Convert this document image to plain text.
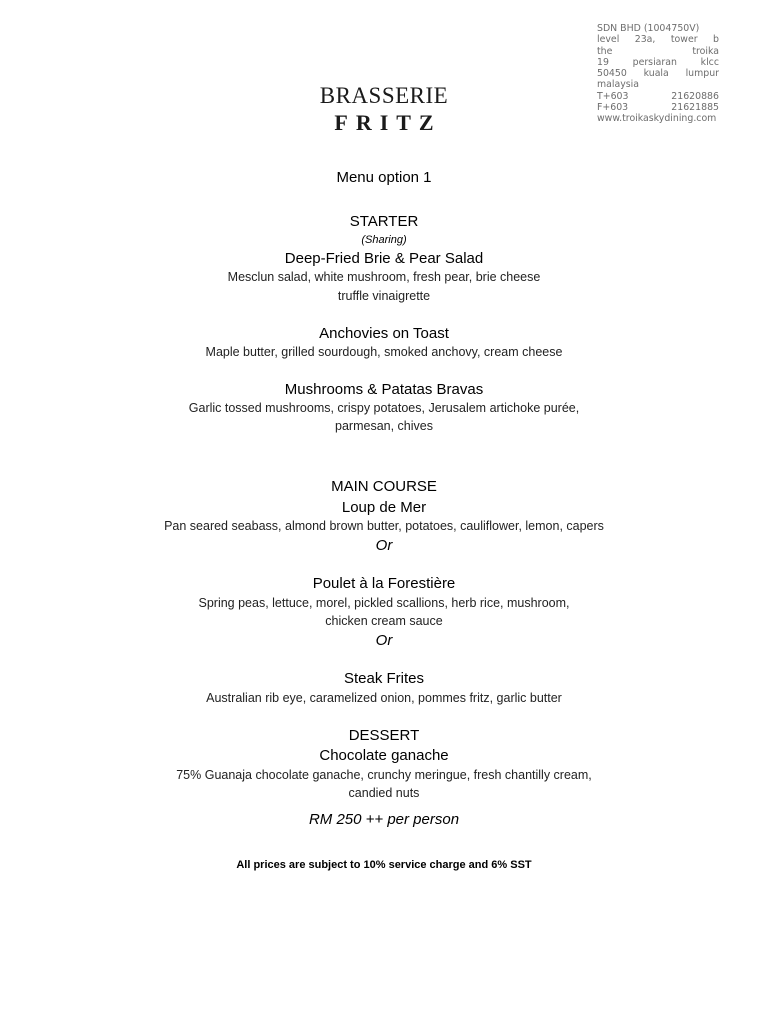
SDN BHD (1004750V)
level 23a, tower b
the troika
19 persiaran klcc
50450 kuala lumpur
malaysia
T+603 21620886
F+603 21621885
www.troikaskydining.com
BRASSERIE
FRITZ
Menu option 1
STARTER
(Sharing)
Deep-Fried Brie & Pear Salad
Mesclun salad, white mushroom, fresh pear, brie cheese
truffle vinaigrette
Anchovies on Toast
Maple butter, grilled sourdough, smoked anchovy, cream cheese
Mushrooms & Patatas Bravas
Garlic tossed mushrooms, crispy potatoes, Jerusalem artichoke purée,
parmesan, chives
MAIN COURSE
Loup de Mer
Pan seared seabass, almond brown butter, potatoes, cauliflower, lemon, capers
Or
Poulet à la Forestière
Spring peas, lettuce, morel, pickled scallions, herb rice, mushroom,
chicken cream sauce
Or
Steak Frites
Australian rib eye, caramelized onion, pommes fritz, garlic butter
DESSERT
Chocolate ganache
75% Guanaja chocolate ganache, crunchy meringue, fresh chantilly cream,
candied nuts
RM 250 ++ per person
All prices are subject to 10% service charge and 6% SST
